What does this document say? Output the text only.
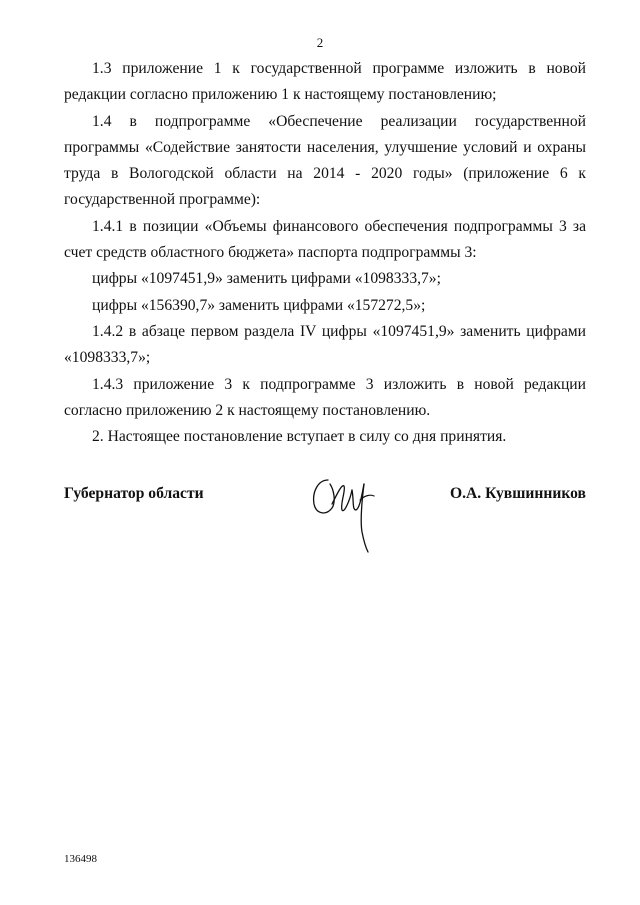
2

1.3 приложение 1 к государственной программе изложить в новой редакции согласно приложению 1 к настоящему постановлению;

1.4 в подпрограмме «Обеспечение реализации государственной программы «Содействие занятости населения, улучшение условий и охраны труда в Вологодской области на 2014 - 2020 годы» (приложение 6 к государственной программе):

1.4.1 в позиции «Объемы финансового обеспечения подпрограммы 3 за счет средств областного бюджета» паспорта подпрограммы 3:

цифры «1097451,9» заменить цифрами «1098333,7»;

цифры «156390,7» заменить цифрами «157272,5»;

1.4.2 в абзаце первом раздела IV цифры «1097451,9» заменить цифрами «1098333,7»;

1.4.3 приложение 3 к подпрограмме 3 изложить в новой редакции согласно приложению 2 к настоящему постановлению.

2. Настоящее постановление вступает в силу со дня принятия.

Губернатор области	О.А. Кувшинников
136498
